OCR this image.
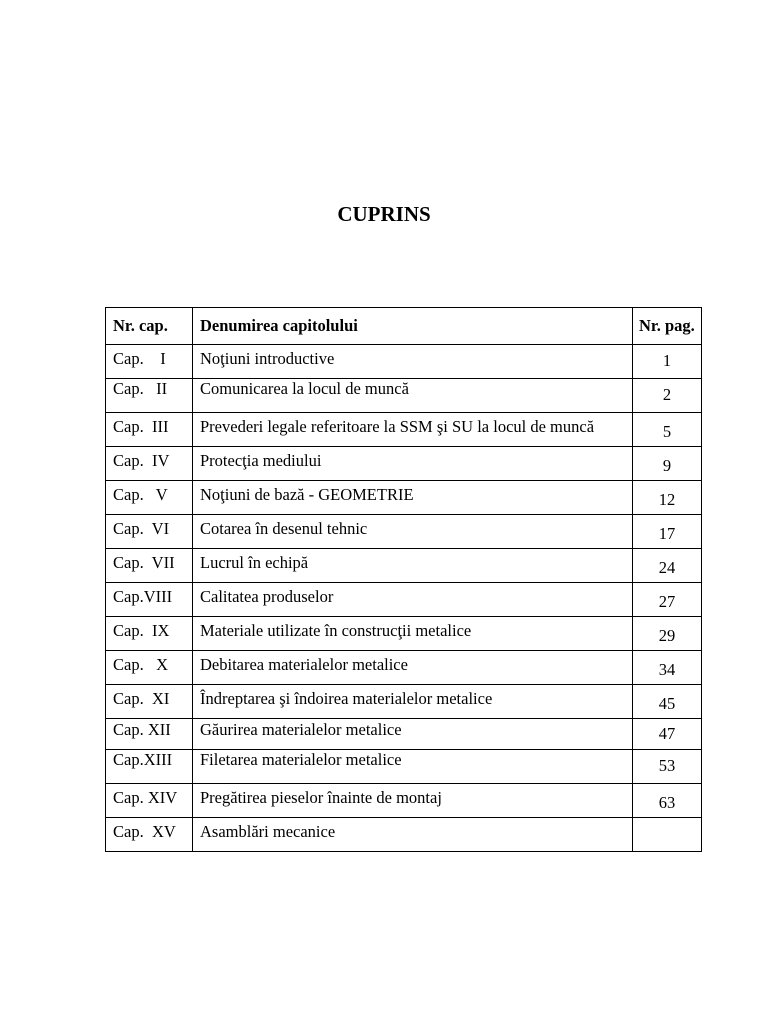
CUPRINS
Nr. cap.	Denumirea capitolului	Nr. pag.

Cap.    I	Noţiuni introductive	1

Cap.   II	Comunicarea la locul de muncă	2

Cap.  III	Prevederi legale referitoare la SSM şi SU la locul de muncă	5

Cap.  IV	Protecţia mediului	9

Cap.   V	Noţiuni de bază - GEOMETRIE	12

Cap.  VI	Cotarea în desenul tehnic	17

Cap.  VII	Lucrul în echipă	24

Cap.VIII	Calitatea produselor	27

Cap.  IX	Materiale utilizate în construcţii metalice	29

Cap.   X	Debitarea materialelor metalice	34

Cap.  XI	Îndreptarea şi îndoirea materialelor metalice	45

Cap. XII	Găurirea materialelor metalice	47

Cap.XIII	Filetarea materialelor metalice	53

Cap. XIV	Pregătirea pieselor înainte de montaj	63

Cap.  XV	Asamblări mecanice	
